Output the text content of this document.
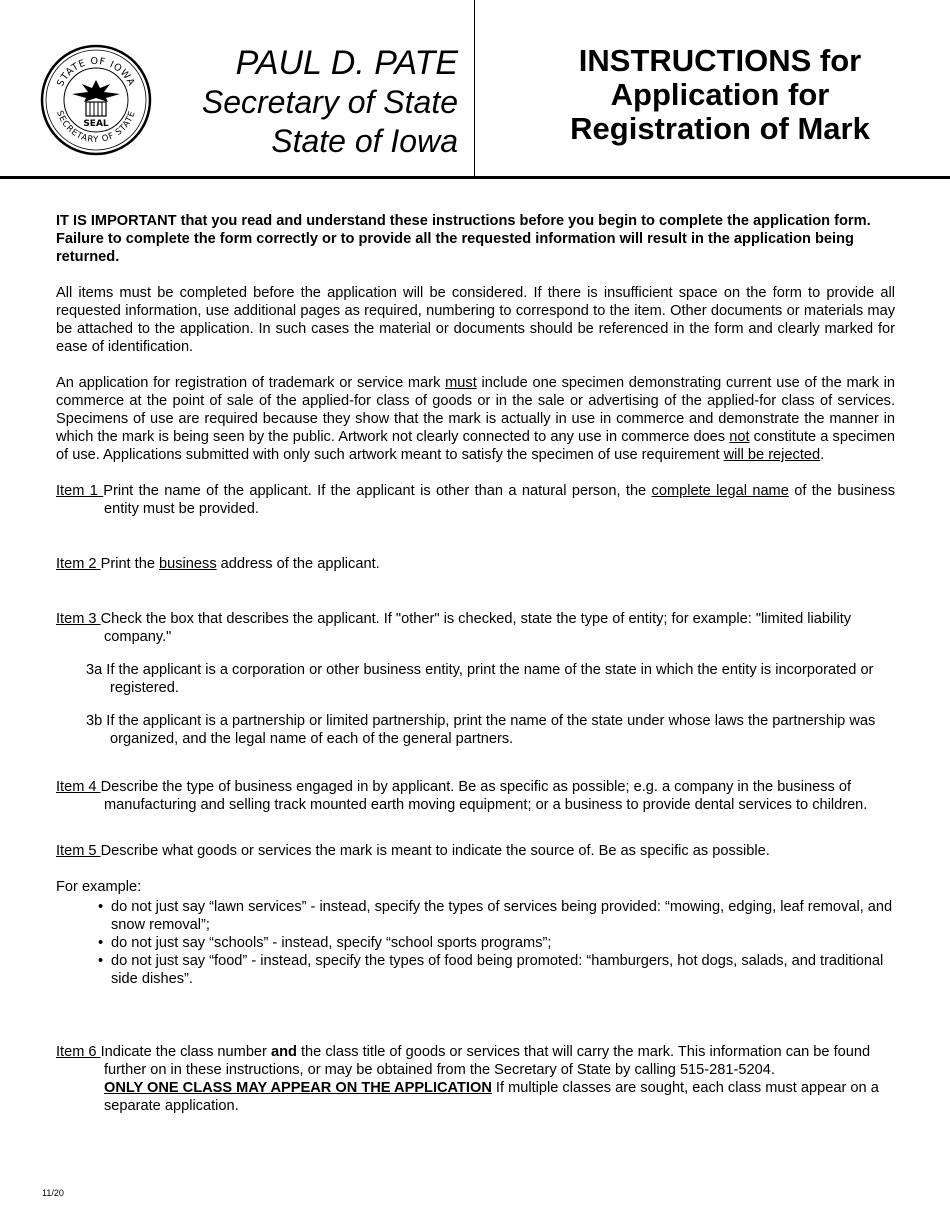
STATE OF IOWA
SECRETARY OF STATE
SEAL
PAUL D. PATE
Secretary of State
State of Iowa
INSTRUCTIONS for
Application for
Registration of Mark

IT IS IMPORTANT that you read and understand these instructions before you begin to complete the application form. Failure to complete the form correctly or to provide all the requested information will result in the application being returned.

All items must be completed before the application will be considered. If there is insufficient space on the form to provide all requested information, use additional pages as required, numbering to correspond to the item. Other documents or materials may be attached to the application. In such cases the material or documents should be referenced in the form and clearly marked for ease of identification.

An application for registration of trademark or service mark must include one specimen demonstrating current use of the mark in commerce at the point of sale of the applied-for class of goods or in the sale or advertising of the applied-for class of services. Specimens of use are required because they show that the mark is actually in use in commerce and demonstrate the manner in which the mark is being seen by the public. Artwork not clearly connected to any use in commerce does not constitute a specimen of use. Applications submitted with only such artwork meant to satisfy the specimen of use requirement will be rejected.

Item 1 Print the name of the applicant. If the applicant is other than a natural person, the complete legal name of the business entity must be provided.

Item 2 Print the business address of the applicant.

Item 3 Check the box that describes the applicant. If "other" is checked, state the type of entity; for example: "limited liability company."

3a If the applicant is a corporation or other business entity, print the name of the state in which the entity is incorporated or registered.

3b If the applicant is a partnership or limited partnership, print the name of the state under whose laws the partnership was organized, and the legal name of each of the general partners.

Item 4 Describe the type of business engaged in by applicant. Be as specific as possible; e.g. a company in the business of manufacturing and selling track mounted earth moving equipment; or a business to provide dental services to children.

Item 5 Describe what goods or services the mark is meant to indicate the source of. Be as specific as possible.

For example:

• do not just say “lawn services” - instead, specify the types of services being provided: “mowing, edging, leaf removal, and snow removal”;
• do not just say “schools” - instead, specify “school sports programs”;
• do not just say “food” - instead, specify the types of food being promoted: “hamburgers, hot dogs, salads, and traditional side dishes”.

Item 6 Indicate the class number and the class title of goods or services that will carry the mark. This information can be found further on in these instructions, or may be obtained from the Secretary of State by calling 515-281-5204.
ONLY ONE CLASS MAY APPEAR ON THE APPLICATION If multiple classes are sought, each class must appear on a separate application.

11/20
